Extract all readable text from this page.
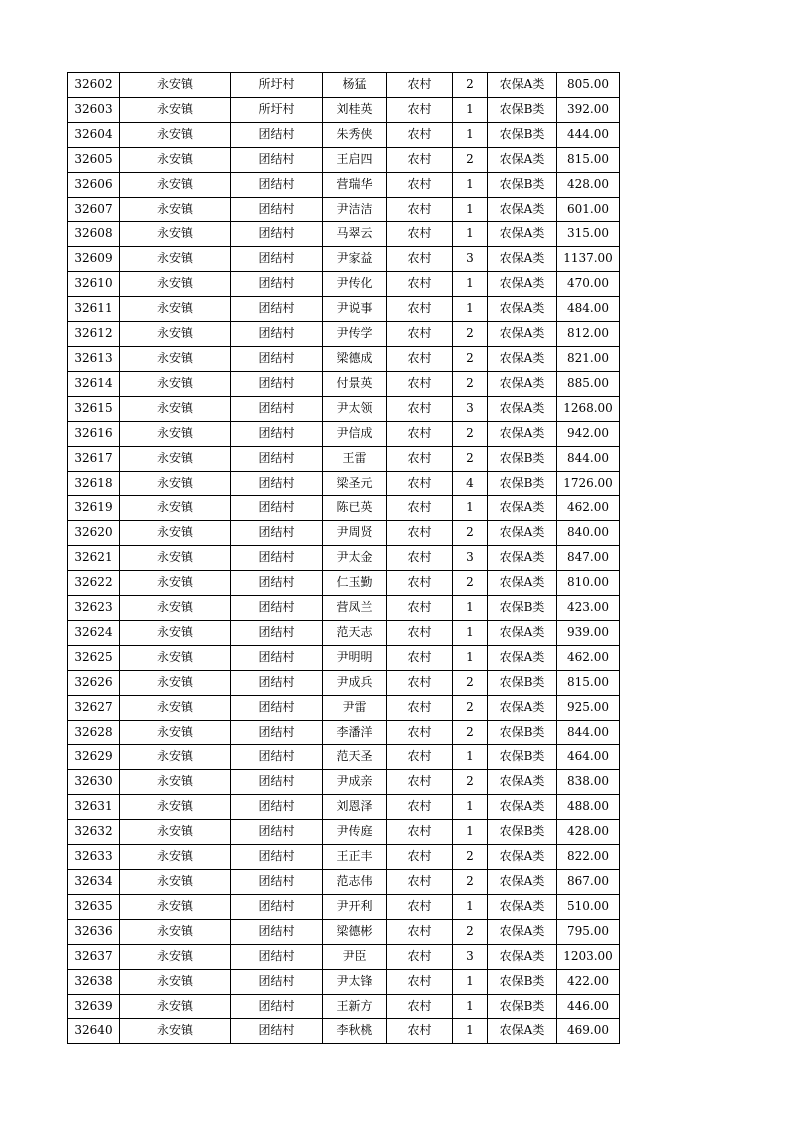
32602	永安镇	所圩村	杨猛	农村	2	农保A类	805.00
32603	永安镇	所圩村	刘桂英	农村	1	农保B类	392.00
32604	永安镇	团结村	朱秀侠	农村	1	农保B类	444.00
32605	永安镇	团结村	王启四	农村	2	农保A类	815.00
32606	永安镇	团结村	营瑞华	农村	1	农保B类	428.00
32607	永安镇	团结村	尹洁洁	农村	1	农保A类	601.00
32608	永安镇	团结村	马翠云	农村	1	农保A类	315.00
32609	永安镇	团结村	尹家益	农村	3	农保A类	1137.00
32610	永安镇	团结村	尹传化	农村	1	农保A类	470.00
32611	永安镇	团结村	尹说事	农村	1	农保A类	484.00
32612	永安镇	团结村	尹传学	农村	2	农保A类	812.00
32613	永安镇	团结村	梁德成	农村	2	农保A类	821.00
32614	永安镇	团结村	付景英	农村	2	农保A类	885.00
32615	永安镇	团结村	尹太领	农村	3	农保A类	1268.00
32616	永安镇	团结村	尹信成	农村	2	农保A类	942.00
32617	永安镇	团结村	王雷	农村	2	农保B类	844.00
32618	永安镇	团结村	梁圣元	农村	4	农保B类	1726.00
32619	永安镇	团结村	陈已英	农村	1	农保A类	462.00
32620	永安镇	团结村	尹周贤	农村	2	农保A类	840.00
32621	永安镇	团结村	尹太金	农村	3	农保A类	847.00
32622	永安镇	团结村	仁玉勤	农村	2	农保A类	810.00
32623	永安镇	团结村	营凤兰	农村	1	农保B类	423.00
32624	永安镇	团结村	范天志	农村	1	农保A类	939.00
32625	永安镇	团结村	尹明明	农村	1	农保A类	462.00
32626	永安镇	团结村	尹成兵	农村	2	农保B类	815.00
32627	永安镇	团结村	尹雷	农村	2	农保A类	925.00
32628	永安镇	团结村	李潘洋	农村	2	农保B类	844.00
32629	永安镇	团结村	范天圣	农村	1	农保B类	464.00
32630	永安镇	团结村	尹成亲	农村	2	农保A类	838.00
32631	永安镇	团结村	刘恩泽	农村	1	农保A类	488.00
32632	永安镇	团结村	尹传庭	农村	1	农保B类	428.00
32633	永安镇	团结村	王正丰	农村	2	农保A类	822.00
32634	永安镇	团结村	范志伟	农村	2	农保A类	867.00
32635	永安镇	团结村	尹开利	农村	1	农保A类	510.00
32636	永安镇	团结村	梁德彬	农村	2	农保A类	795.00
32637	永安镇	团结村	尹臣	农村	3	农保A类	1203.00
32638	永安镇	团结村	尹太锋	农村	1	农保B类	422.00
32639	永安镇	团结村	王新方	农村	1	农保B类	446.00
32640	永安镇	团结村	李秋桃	农村	1	农保A类	469.00
